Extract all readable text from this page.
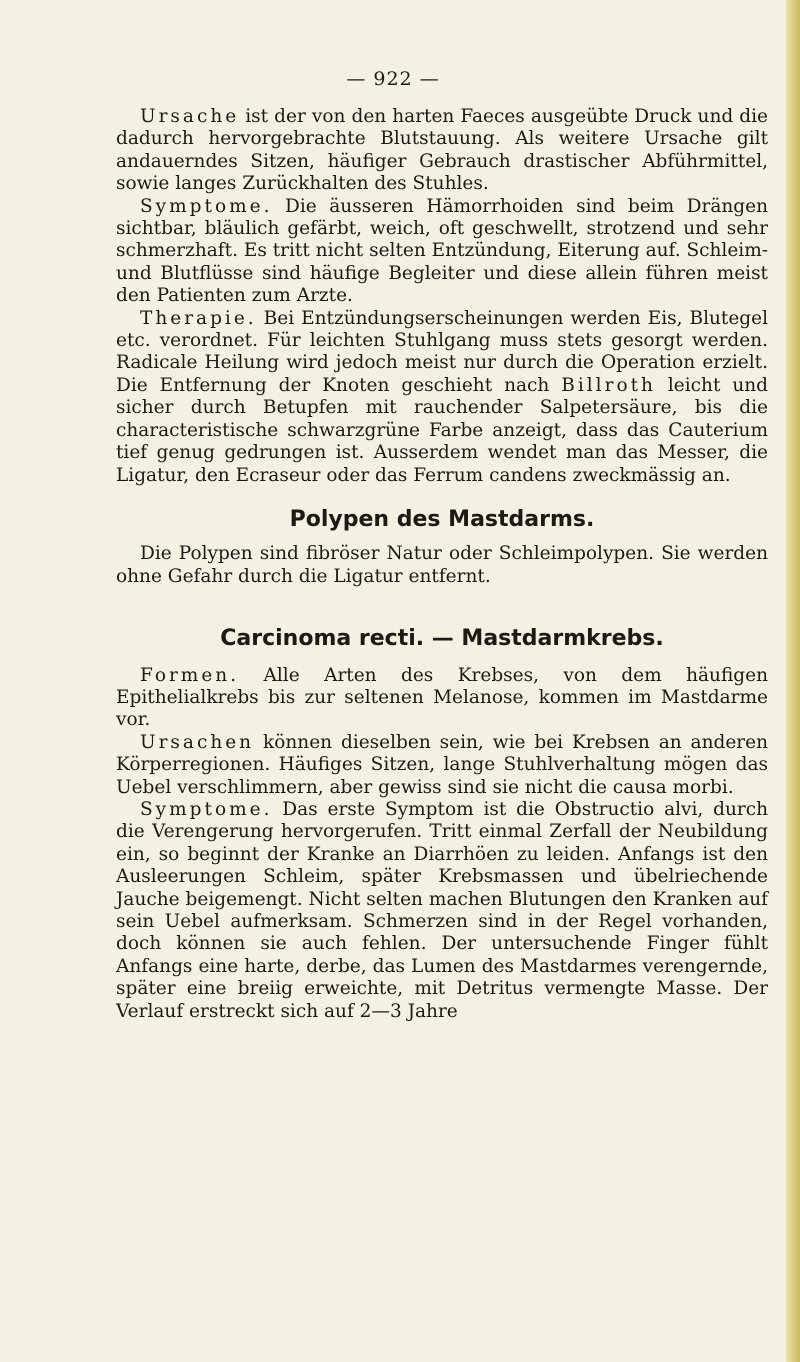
— 922 —

Ursache ist der von den harten Faeces ausgeübte Druck und die dadurch hervorgebrachte Blutstauung. Als weitere Ursache gilt andauerndes Sitzen, häufiger Gebrauch drastischer Abführmittel, sowie langes Zurückhalten des Stuhles.

Symptome. Die äusseren Hämorrhoiden sind beim Drängen sichtbar, bläulich gefärbt, weich, oft geschwellt, strotzend und sehr schmerzhaft. Es tritt nicht selten Entzündung, Eiterung auf. Schleim- und Blutflüsse sind häufige Begleiter und diese allein führen meist den Patienten zum Arzte.

Therapie. Bei Entzündungserscheinungen werden Eis, Blutegel etc. verordnet. Für leichten Stuhlgang muss stets gesorgt werden. Radicale Heilung wird jedoch meist nur durch die Operation erzielt. Die Entfernung der Knoten geschieht nach Billroth leicht und sicher durch Betupfen mit rauchender Salpetersäure, bis die characteristische schwarzgrüne Farbe anzeigt, dass das Cauterium tief genug gedrungen ist. Ausserdem wendet man das Messer, die Ligatur, den Ecraseur oder das Ferrum candens zweckmässig an.

Polypen des Mastdarms.

Die Polypen sind fibröser Natur oder Schleimpolypen. Sie werden ohne Gefahr durch die Ligatur entfernt.

Carcinoma recti. — Mastdarmkrebs.

Formen. Alle Arten des Krebses, von dem häufigen Epithelialkrebs bis zur seltenen Melanose, kommen im Mastdarme vor.

Ursachen können dieselben sein, wie bei Krebsen an anderen Körperregionen. Häufiges Sitzen, lange Stuhlverhaltung mögen das Uebel verschlimmern, aber gewiss sind sie nicht die causa morbi.

Symptome. Das erste Symptom ist die Obstructio alvi, durch die Verengerung hervorgerufen. Tritt einmal Zerfall der Neubildung ein, so beginnt der Kranke an Diarrhöen zu leiden. Anfangs ist den Ausleerungen Schleim, später Krebsmassen und übelriechende Jauche beigemengt. Nicht selten machen Blutungen den Kranken auf sein Uebel aufmerksam. Schmerzen sind in der Regel vorhanden, doch können sie auch fehlen. Der untersuchende Finger fühlt Anfangs eine harte, derbe, das Lumen des Mastdarmes verengernde, später eine breiig erweichte, mit Detritus vermengte Masse. Der Verlauf erstreckt sich auf 2—3 Jahre
